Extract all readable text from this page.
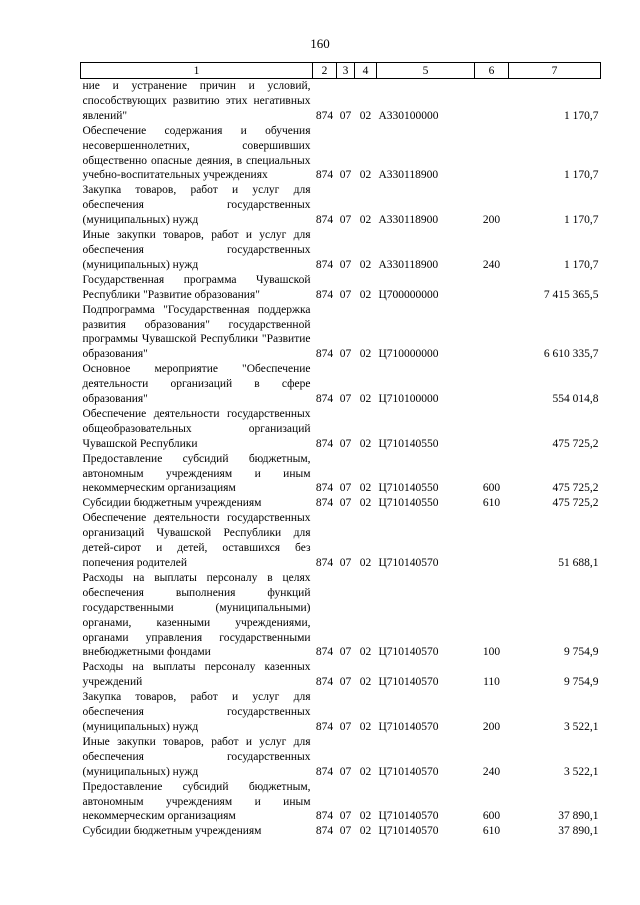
160
1	2	3	4	5	6	7
ние и устранение причин и условий, способствующих развитию этих негативных явлений"	874	07	02	А330100000		1 170,7
Обеспечение содержания и обучения несовершеннолетних, совершивших общественно опасные деяния, в специальных учебно-воспитательных учреждениях	874	07	02	А330118900		1 170,7
Закупка товаров, работ и услуг для обеспечения государственных (муниципальных) нужд	874	07	02	А330118900	200	1 170,7
Иные закупки товаров, работ и услуг для обеспечения государственных (муниципальных) нужд	874	07	02	А330118900	240	1 170,7
Государственная программа Чувашской Республики "Развитие образования"	874	07	02	Ц700000000		7 415 365,5
Подпрограмма "Государственная поддержка развития образования" государственной программы Чувашской Республики "Развитие образования"	874	07	02	Ц710000000		6 610 335,7
Основное мероприятие "Обеспечение деятельности организаций в сфере образования"	874	07	02	Ц710100000		554 014,8
Обеспечение деятельности государственных общеобразовательных организаций Чувашской Республики	874	07	02	Ц710140550		475 725,2
Предоставление субсидий бюджетным, автономным учреждениям и иным некоммерческим организациям	874	07	02	Ц710140550	600	475 725,2
Субсидии бюджетным учреждениям	874	07	02	Ц710140550	610	475 725,2
Обеспечение деятельности государственных организаций Чувашской Республики для детей-сирот и детей, оставшихся без попечения родителей	874	07	02	Ц710140570		51 688,1
Расходы на выплаты персоналу в целях обеспечения выполнения функций государственными (муниципальными) органами, казенными учреждениями, органами управления государственными внебюджетными фондами	874	07	02	Ц710140570	100	9 754,9
Расходы на выплаты персоналу казенных учреждений	874	07	02	Ц710140570	110	9 754,9
Закупка товаров, работ и услуг для обеспечения государственных (муниципальных) нужд	874	07	02	Ц710140570	200	3 522,1
Иные закупки товаров, работ и услуг для обеспечения государственных (муниципальных) нужд	874	07	02	Ц710140570	240	3 522,1
Предоставление субсидий бюджетным, автономным учреждениям и иным некоммерческим организациям	874	07	02	Ц710140570	600	37 890,1
Субсидии бюджетным учреждениям	874	07	02	Ц710140570	610	37 890,1
